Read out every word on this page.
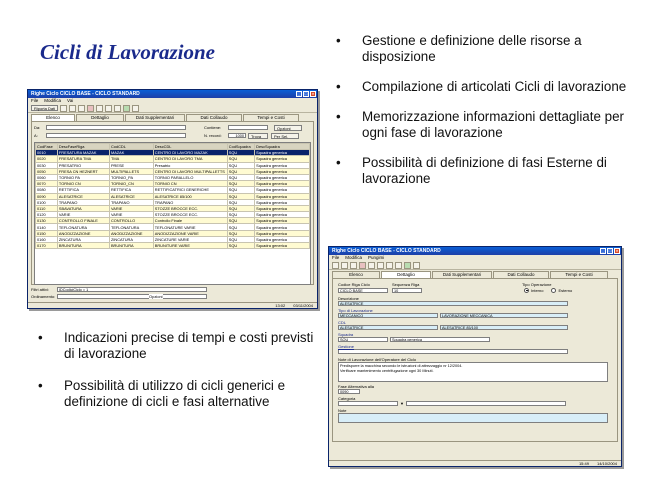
Cicli di Lavorazione	• Gestione e definizione delle risorse a disposizione
• Compilazione di articolati Cicli di lavorazione
• Memorizzazione informazioni dettagliate per ogni fase di lavorazione
• Possibilità di definizione di fasi Esterne di lavorazione
• Indicazioni precise di tempi e costi previsti di lavorazione
• Possibilità di utilizzo di cicli generici e definizione di cicli e fasi alternative
Righe Ciclo CICLO BASE - CICLO STANDARD	_	□	×
File Modifica Vai
Riporta Dati
Elenco	Dettaglio	Dati Supplementari	Dati Collaudo	Tempi e Costi
Da:	Contiene:	Opzioni
A:	N. record:	1000	Trova	Per Sel.
CodFase	DescFaseRiga	CodCDL	DescCDL	CodSquadra	DescSquadra
0010	FRESATURA MAZAK	MAZAK	CENTRO DI LAVORO MAZAK	SQU	Squadra generica
0020	FRESATURA TMA	TMA	CENTRO DI LAVORO TMA	SQU	Squadra generica
0030	PRESATRIO	PRESE	Presatrio	SQU	Squadra generica
0050	FRESA CN HEZNERT	MULTIPALLETS	CENTRO DI LAVORO MULTIPALLETTS	SQU	Squadra generica
0060	TORNIO PA	TORNIO_PA	TORNIO PARALLELO	SQU	Squadra generica
0070	TORNIO CN	TORNIO_CN	TORNIO CN	SQU	Squadra generica
0080	RETTIFICA	RETTIFICA	RETTIFICATRICI GENERICHE	SQU	Squadra generica
0090	ALESATRICE	ALESATRICE	ALESATRICE 85/100	SQU	Squadra generica
0100	TRAPANO	TRAPANO	TRAPANO	SQU	Squadra generica
0110	SBAVATURA	VARIE	STOZZE BROCCE ECC.	SQU	Squadra generica
0120	VARIE	VARIE	STOZZE BROCCE ECC.	SQU	Squadra generica
0130	CONTROLLO FINALE	CONTROLLO	Controllo Finale	SQU	Squadra generica
0140	TEFLONATURA	TEFLONATURA	TEFLONATURE VARIE	SQU	Squadra generica
0150	ANODIZZAZIONE	ANODIZZAZIONE	ANODIZZAZIONE VARIE	SQU	Squadra generica
0160	ZINCATURA	ZINCATURA	ZINCATURE VARIE	SQU	Squadra generica
0170	BRUNITURA	BRUNITURA	BRUNITURE VARIE	SQU	Squadra generica
Filtri attivi:	IDCodiciCiclo = 1
Ordinamento:	Opzioni
13:02 03/11/2004
Righe Ciclo CICLO BASE - CICLO STANDARD	_	□	×
File Modifica Pungimi
Elenco	Dettaglio	Dati Supplementari	Dati Collaudo	Tempi e Costi
Codice Riga Ciclo	Sequenza Riga	Tipo Operazione
CICLO BASE	10	Interno	Esterno
Descrizione
ALESATRICE
Tipo di Lavorazione
MECCANICO	LAVORAZIONE MECCANICA
CDL
ALESATRICE	ALESATRICE 85/100
Squadra
SQU	Squadra generica
Gestione
Note di Lavorazione dell'Operatore del Ciclo
Predisporre la macchina secondo le istruzioni di attrezzaggio nr 12/2004.
Verificare mantenimento centrifugazione ogni 30 Minuti.
Fase Alternativa alla
0090
Categoria
▼
Note
15:49 14/10/2004
